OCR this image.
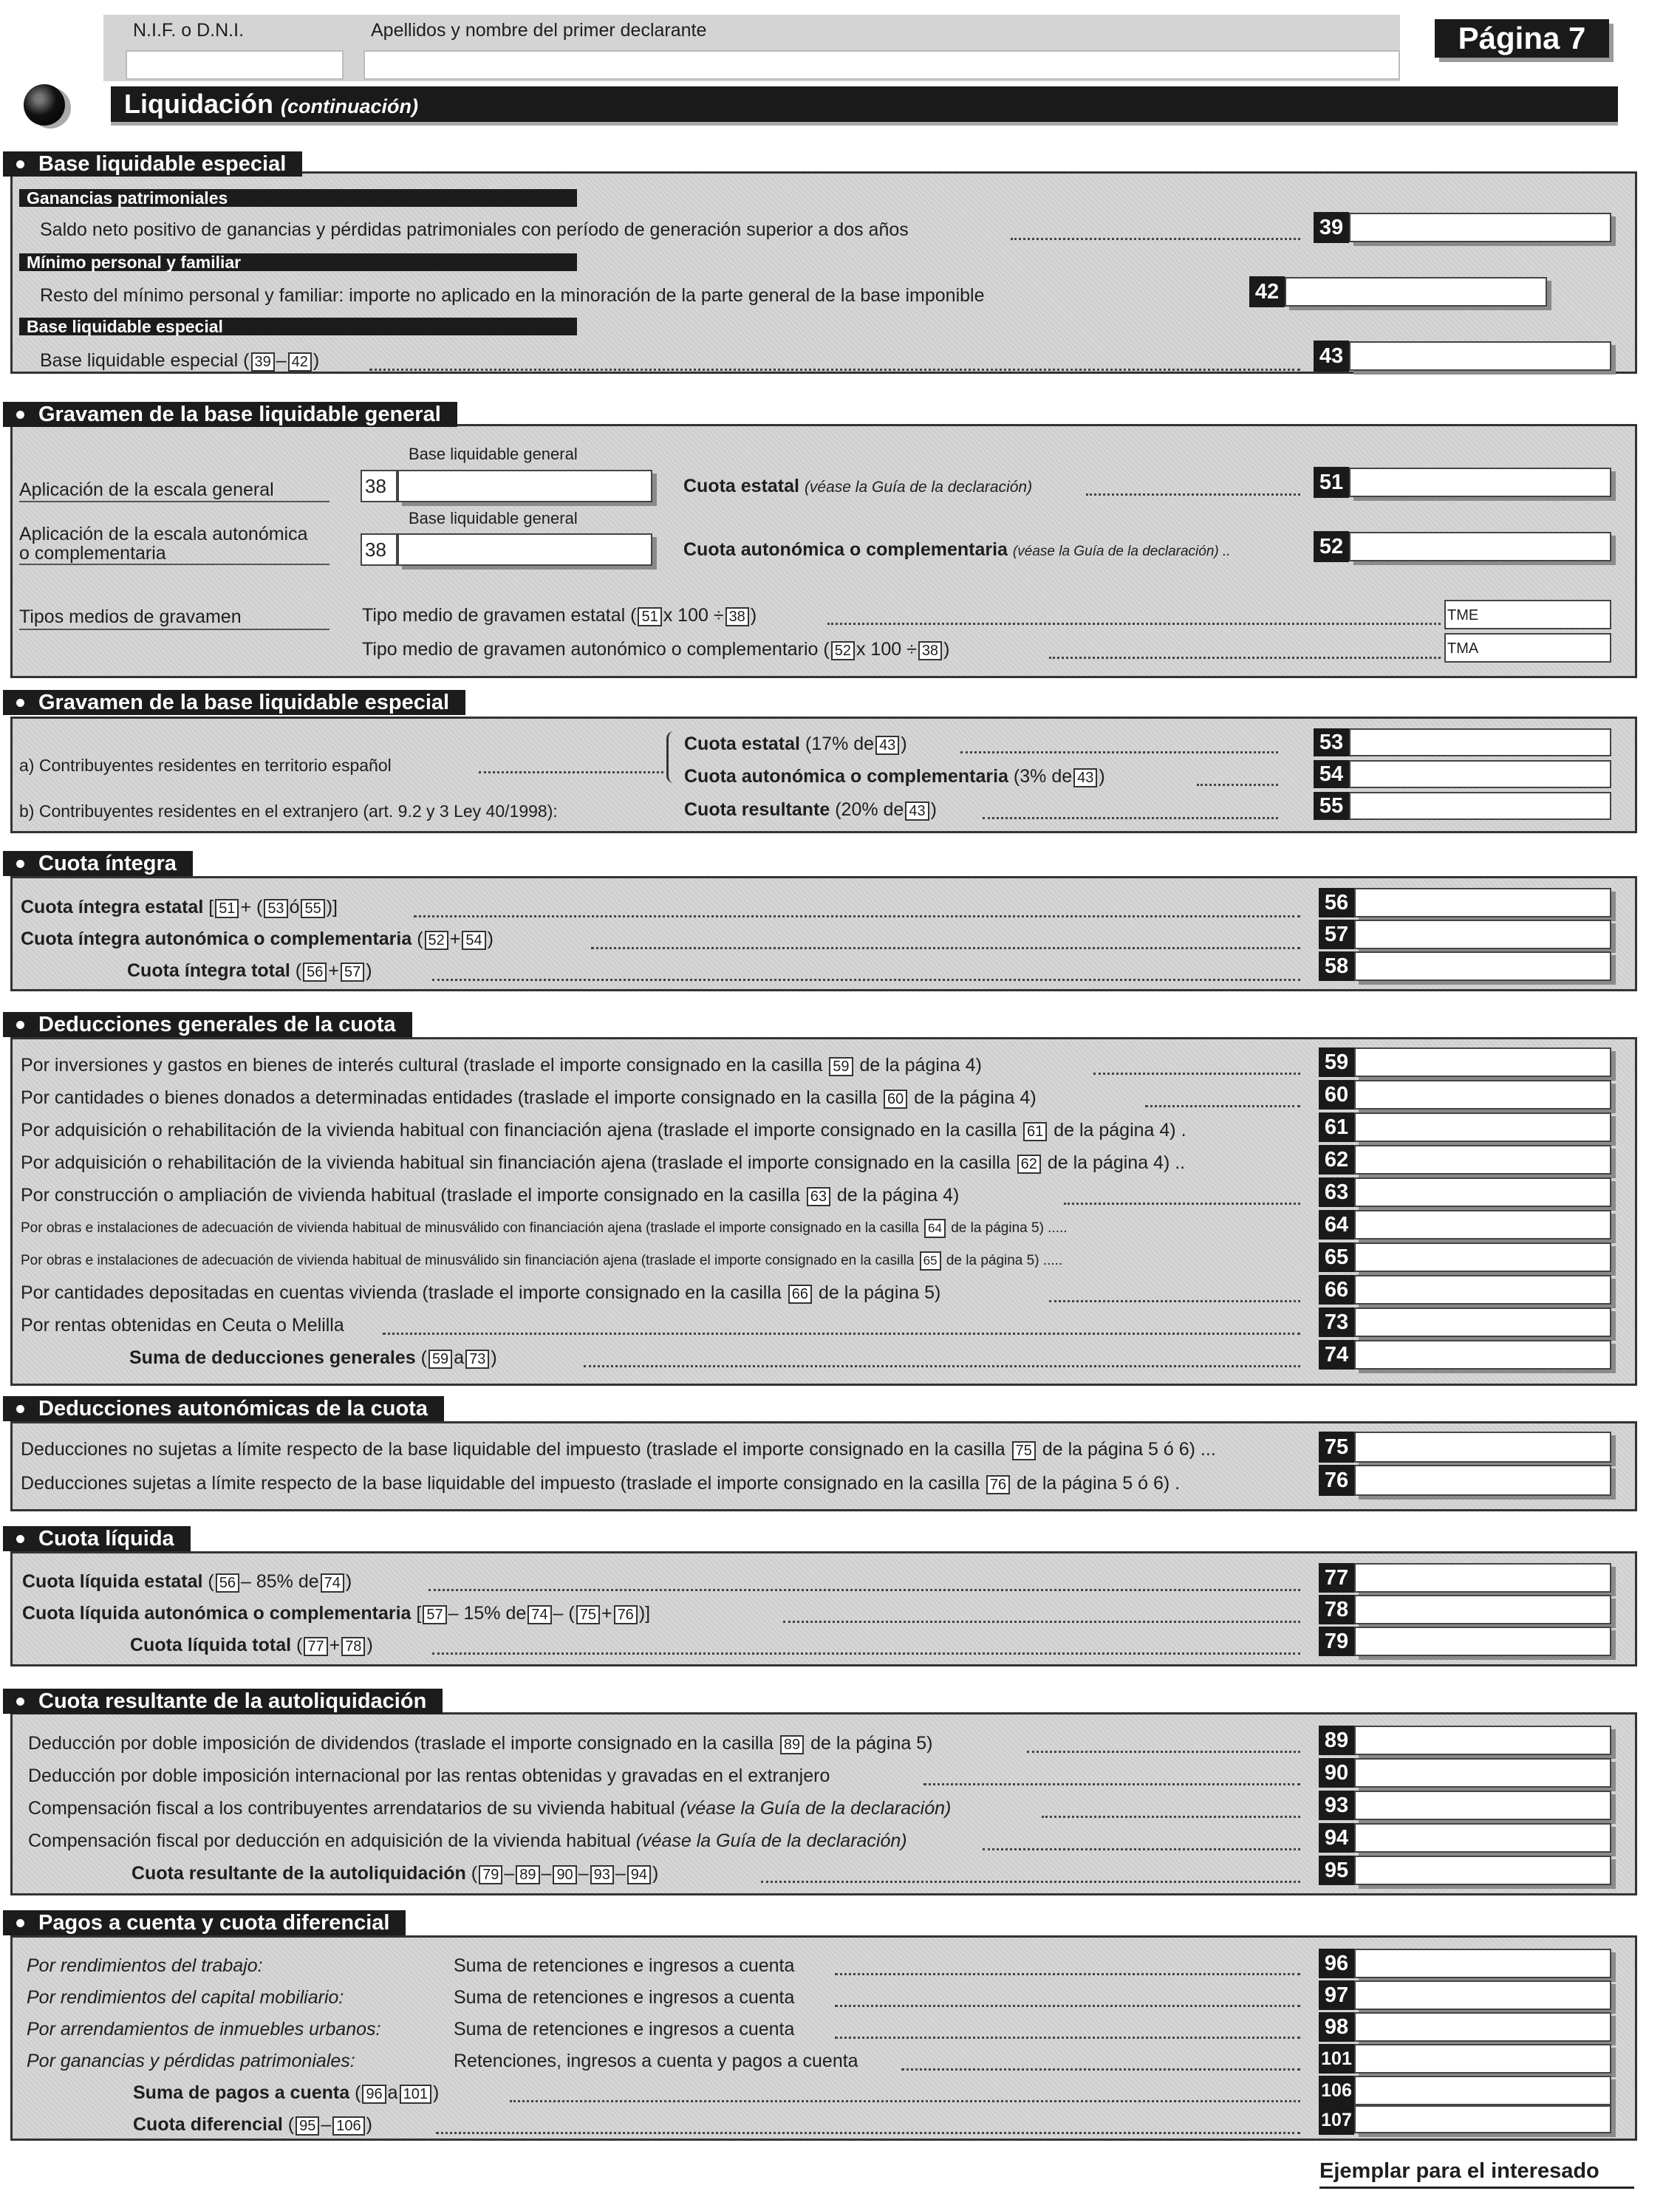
N.I.F. o D.N.I.	Apellidos y nombre del primer declarante	Página 7
Liquidación (continuación)
Base liquidable especial
Ganancias patrimoniales
Saldo neto positivo de ganancias y pérdidas patrimoniales con período de generación superior a dos años	39
Mínimo personal y familiar
Resto del mínimo personal y familiar: importe no aplicado en la minoración de la parte general de la base imponible	42
Base liquidable especial
Base liquidable especial ( 39 – 42 )	43
Gravamen de la base liquidable general
Base liquidable general
Aplicación de la escala general	38	Cuota estatal (véase la Guía de la declaración)	51
Base liquidable general
Aplicación de la escala autonómica
o complementaria	38	Cuota autonómica o complementaria (véase la Guía de la declaración) ..	52
Tipos medios de gravamen	Tipo medio de gravamen estatal ( 51 x 100 ÷ 38 )	TME
Tipo medio de gravamen autonómico o complementario ( 52 x 100 ÷ 38 )	TMA
Gravamen de la base liquidable especial
a) Contribuyentes residentes en territorio español
Cuota estatal (17% de 43 )	53
Cuota autonómica o complementaria (3% de 43 )	54
b) Contribuyentes residentes en el extranjero (art. 9.2 y 3 Ley 40/1998):	Cuota resultante (20% de 43 )	55
Cuota íntegra
Cuota íntegra estatal [ 51 + ( 53 ó 55 )]	56
Cuota íntegra autonómica o complementaria ( 52 + 54 )	57
Cuota íntegra total ( 56 + 57 )	58
Deducciones generales de la cuota
Por inversiones y gastos en bienes de interés cultural (traslade el importe consignado en la casilla 59 de la página 4)	59
Por cantidades o bienes donados a determinadas entidades (traslade el importe consignado en la casilla 60 de la página 4)	60
Por adquisición o rehabilitación de la vivienda habitual con financiación ajena (traslade el importe consignado en la casilla 61 de la página 4) .	61
Por adquisición o rehabilitación de la vivienda habitual sin financiación ajena (traslade el importe consignado en la casilla 62 de la página 4) ..	62
Por construcción o ampliación de vivienda habitual (traslade el importe consignado en la casilla 63 de la página 4)	63
Por obras e instalaciones de adecuación de vivienda habitual de minusválido con financiación ajena (traslade el importe consignado en la casilla 64 de la página 5) .....	64
Por obras e instalaciones de adecuación de vivienda habitual de minusválido sin financiación ajena (traslade el importe consignado en la casilla 65 de la página 5) .....	65
Por cantidades depositadas en cuentas vivienda (traslade el importe consignado en la casilla 66 de la página 5)	66
Por rentas obtenidas en Ceuta o Melilla	73
Suma de deducciones generales ( 59 a 73 )	74
Deducciones autonómicas de la cuota
Deducciones no sujetas a límite respecto de la base liquidable del impuesto (traslade el importe consignado en la casilla 75 de la página 5 ó 6) ...	75
Deducciones sujetas a límite respecto de la base liquidable del impuesto (traslade el importe consignado en la casilla 76 de la página 5 ó 6) .	76
Cuota líquida
Cuota líquida estatal ( 56 – 85% de 74 )	77
Cuota líquida autonómica o complementaria [ 57 – 15% de 74 – ( 75 + 76 )]	78
Cuota líquida total ( 77 + 78 )	79
Cuota resultante de la autoliquidación
Deducción por doble imposición de dividendos (traslade el importe consignado en la casilla 89 de la página 5)	89
Deducción por doble imposición internacional por las rentas obtenidas y gravadas en el extranjero	90
Compensación fiscal a los contribuyentes arrendatarios de su vivienda habitual (véase la Guía de la declaración)	93
Compensación fiscal por deducción en adquisición de la vivienda habitual (véase la Guía de la declaración)	94
Cuota resultante de la autoliquidación ( 79 – 89 – 90 – 93 – 94 )	95
Pagos a cuenta y cuota diferencial
Por rendimientos del trabajo:	Suma de retenciones e ingresos a cuenta	96
Por rendimientos del capital mobiliario:	Suma de retenciones e ingresos a cuenta	97
Por arrendamientos de inmuebles urbanos:	Suma de retenciones e ingresos a cuenta	98
Por ganancias y pérdidas patrimoniales:	Retenciones, ingresos a cuenta y pagos a cuenta	101
Suma de pagos a cuenta ( 96 a 101 )	106
Cuota diferencial ( 95 – 106 )	107
Ejemplar para el interesado
